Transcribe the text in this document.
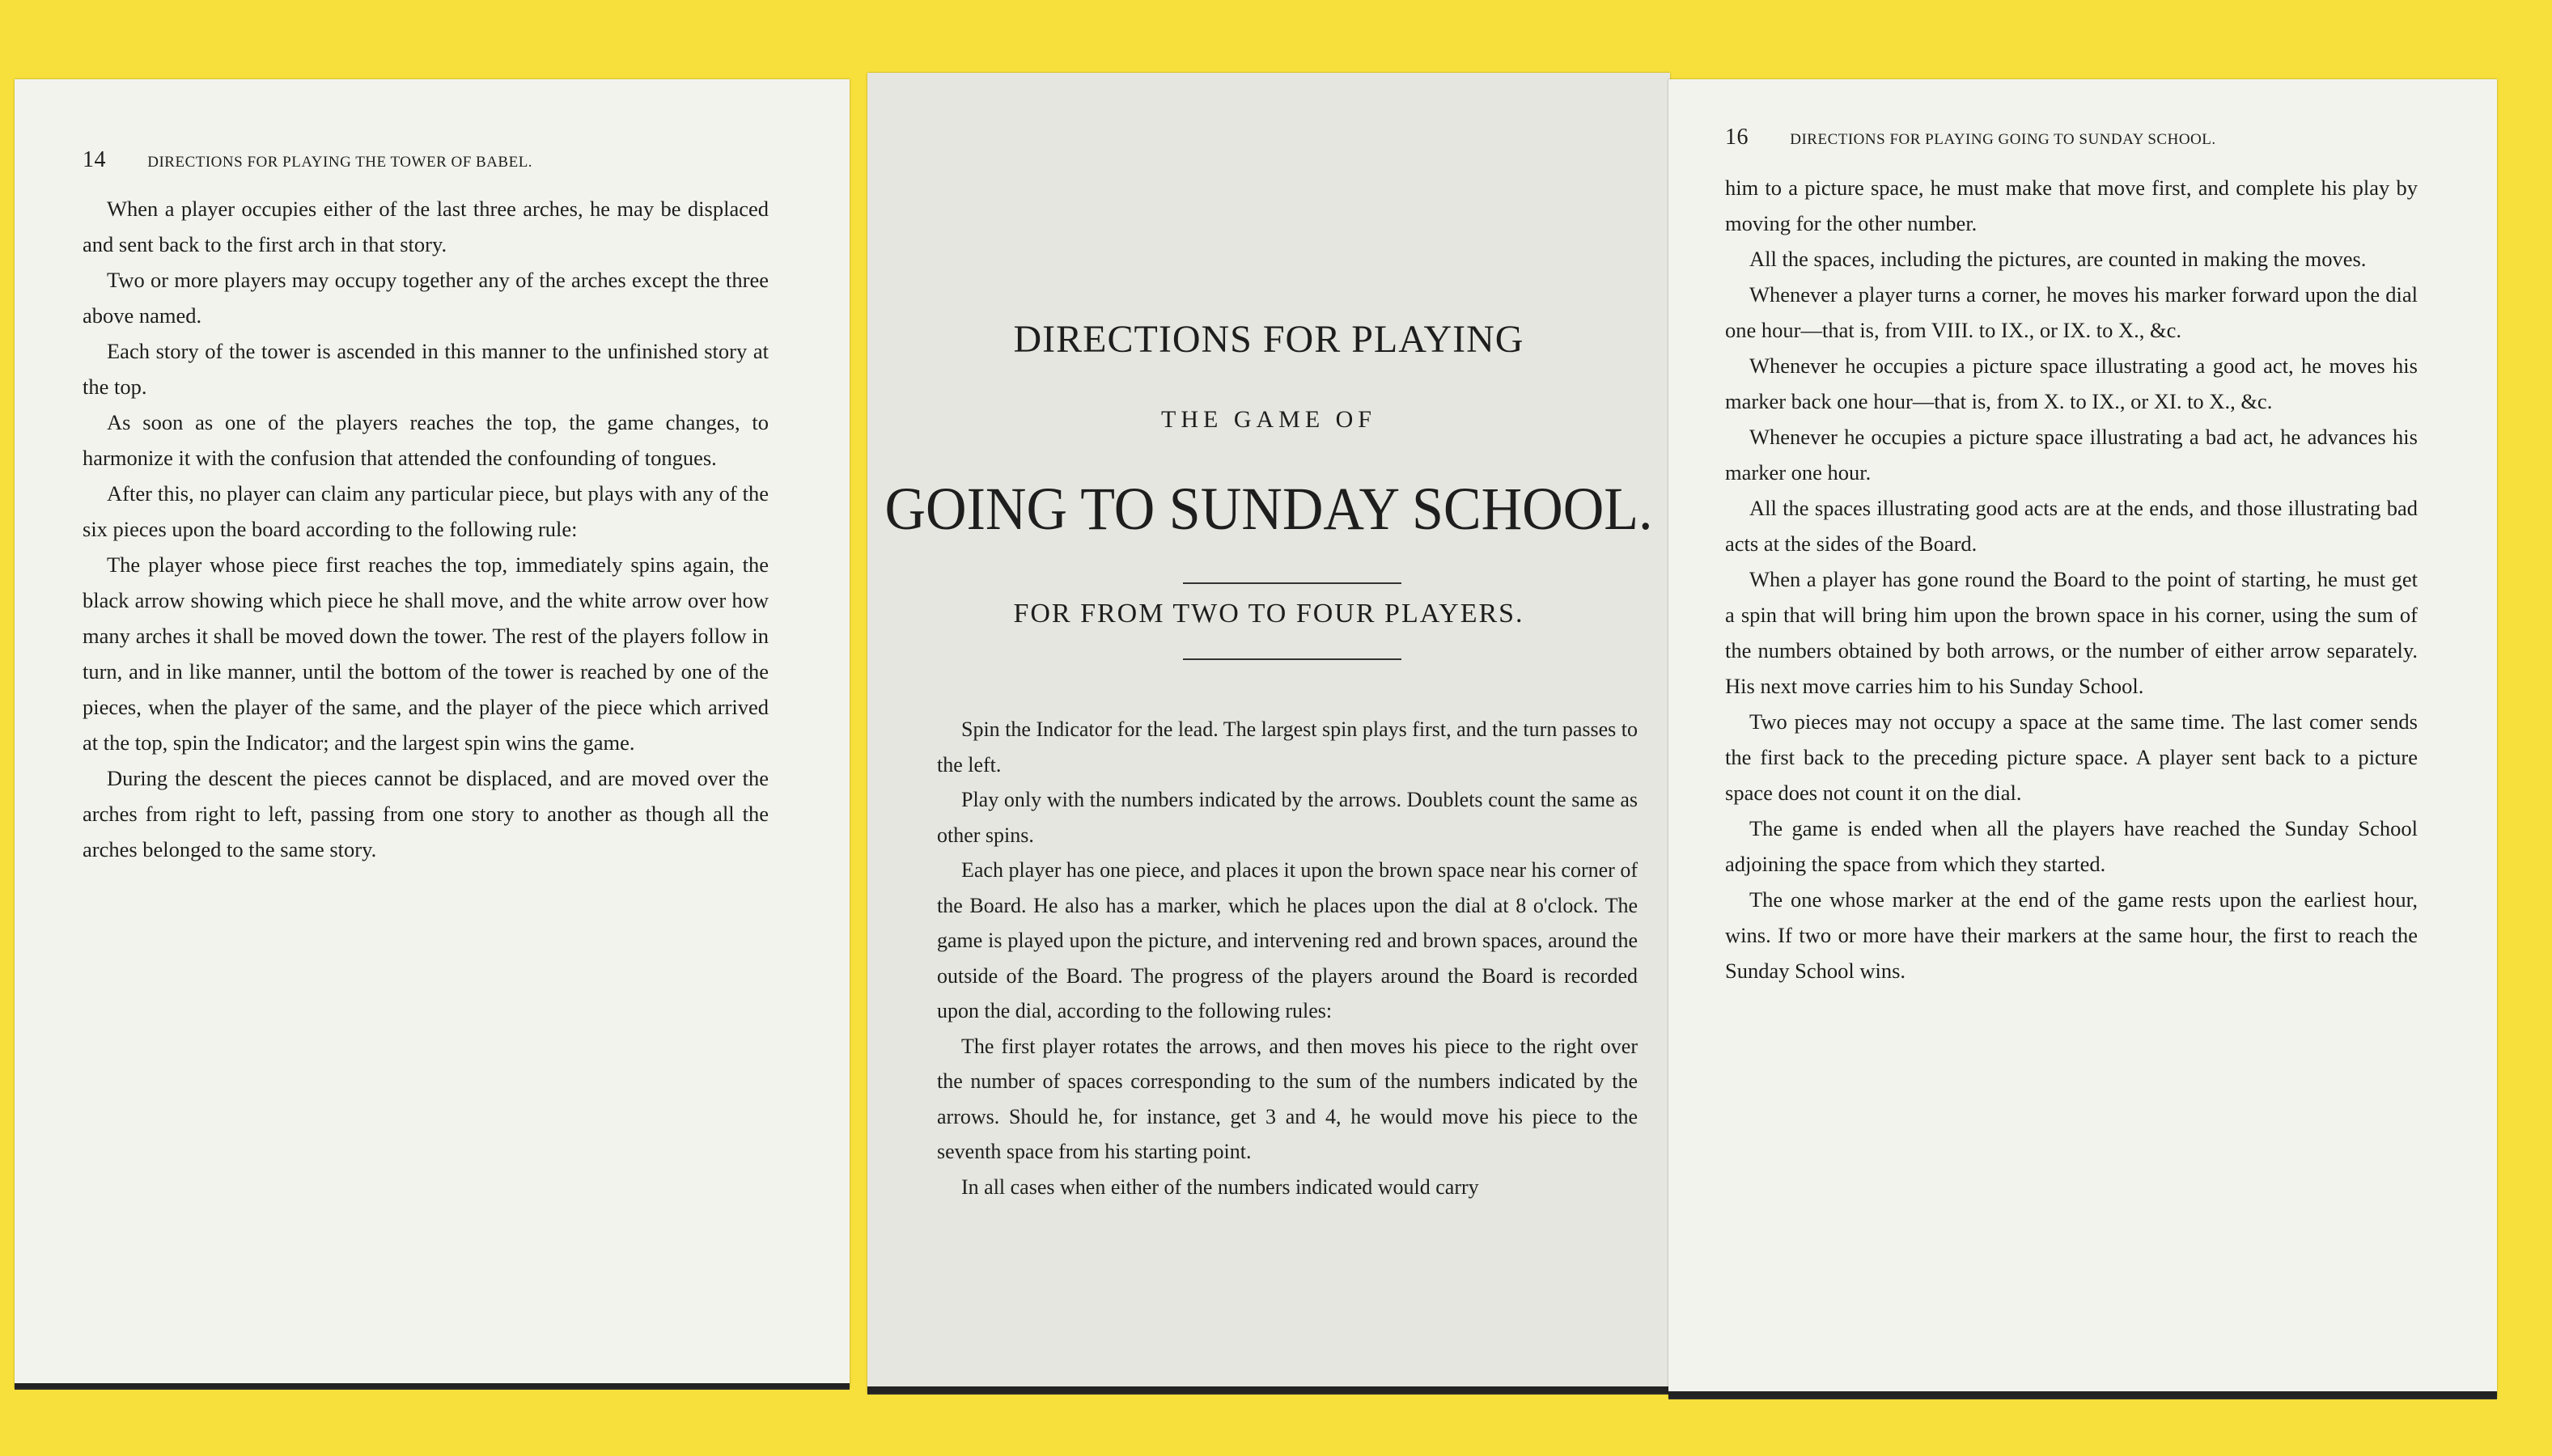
14	DIRECTIONS FOR PLAYING THE TOWER OF BABEL.

When a player occupies either of the last three arches, he may be displaced and sent back to the first arch in that story.

Two or more players may occupy together any of the arches except the three above named.

Each story of the tower is ascended in this manner to the unfinished story at the top.

As soon as one of the players reaches the top, the game changes, to harmonize it with the confusion that attended the confounding of tongues.

After this, no player can claim any particular piece, but plays with any of the six pieces upon the board according to the following rule:

The player whose piece first reaches the top, immediately spins again, the black arrow showing which piece he shall move, and the white arrow over how many arches it shall be moved down the tower. The rest of the players follow in turn, and in like manner, until the bottom of the tower is reached by one of the pieces, when the player of the same, and the player of the piece which arrived at the top, spin the Indicator; and the largest spin wins the game.

During the descent the pieces cannot be displaced, and are moved over the arches from right to left, passing from one story to another as though all the arches belonged to the same story.

DIRECTIONS FOR PLAYING
THE GAME OF
GOING TO SUNDAY SCHOOL.
FOR FROM TWO TO FOUR PLAYERS.

Spin the Indicator for the lead. The largest spin plays first, and the turn passes to the left.

Play only with the numbers indicated by the arrows. Doublets count the same as other spins.

Each player has one piece, and places it upon the brown space near his corner of the Board. He also has a marker, which he places upon the dial at 8 o'clock. The game is played upon the picture, and intervening red and brown spaces, around the outside of the Board. The progress of the players around the Board is recorded upon the dial, according to the following rules:

The first player rotates the arrows, and then moves his piece to the right over the number of spaces corresponding to the sum of the numbers indicated by the arrows. Should he, for instance, get 3 and 4, he would move his piece to the seventh space from his starting point.

In all cases when either of the numbers indicated would carry

16	DIRECTIONS FOR PLAYING GOING TO SUNDAY SCHOOL.

him to a picture space, he must make that move first, and complete his play by moving for the other number.

All the spaces, including the pictures, are counted in making the moves.

Whenever a player turns a corner, he moves his marker forward upon the dial one hour—that is, from VIII. to IX., or IX. to X., &c.

Whenever he occupies a picture space illustrating a good act, he moves his marker back one hour—that is, from X. to IX., or XI. to X., &c.

Whenever he occupies a picture space illustrating a bad act, he advances his marker one hour.

All the spaces illustrating good acts are at the ends, and those illustrating bad acts at the sides of the Board.

When a player has gone round the Board to the point of starting, he must get a spin that will bring him upon the brown space in his corner, using the sum of the numbers obtained by both arrows, or the number of either arrow separately. His next move carries him to his Sunday School.

Two pieces may not occupy a space at the same time. The last comer sends the first back to the preceding picture space. A player sent back to a picture space does not count it on the dial.

The game is ended when all the players have reached the Sunday School adjoining the space from which they started.

The one whose marker at the end of the game rests upon the earliest hour, wins. If two or more have their markers at the same hour, the first to reach the Sunday School wins.
